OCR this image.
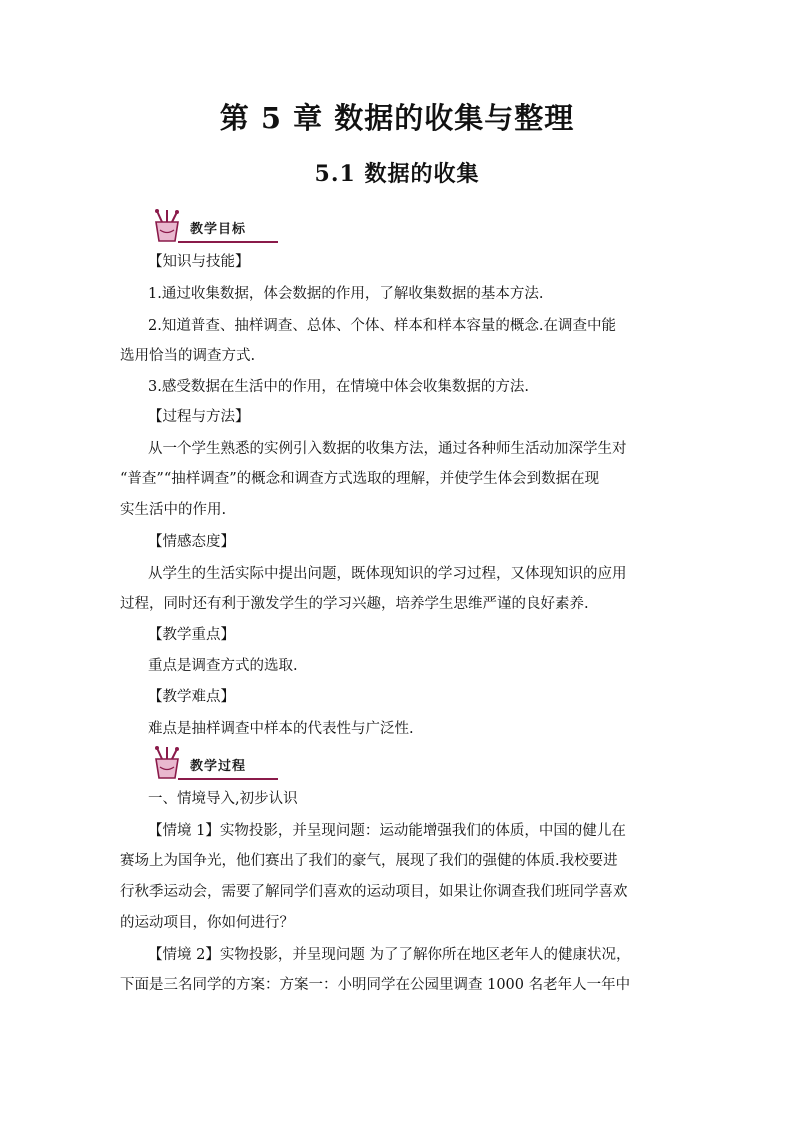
第 5 章 数据的收集与整理
5.1 数据的收集
教学目标

【知识与技能】

1.通过收集数据，体会数据的作用，了解收集数据的基本方法.

2.知道普查、抽样调查、总体、个体、样本和样本容量的概念.在调查中能

选用恰当的调查方式.

3.感受数据在生活中的作用，在情境中体会收集数据的方法.

【过程与方法】

从一个学生熟悉的实例引入数据的收集方法，通过各种师生活动加深学生对

“普查”“抽样调查”的概念和调查方式选取的理解，并使学生体会到数据在现

实生活中的作用.

【情感态度】

从学生的生活实际中提出问题，既体现知识的学习过程，又体现知识的应用

过程，同时还有利于激发学生的学习兴趣，培养学生思维严谨的良好素养.

【教学重点】

重点是调查方式的选取.

【教学难点】

难点是抽样调查中样本的代表性与广泛性.

教学过程

一、情境导入,初步认识

【情境 1】实物投影，并呈现问题：运动能增强我们的体质，中国的健儿在

赛场上为国争光，他们赛出了我们的豪气，展现了我们的强健的体质.我校要进

行秋季运动会，需要了解同学们喜欢的运动项目，如果让你调查我们班同学喜欢

的运动项目，你如何进行？

【情境 2】实物投影，并呈现问题 为了了解你所在地区老年人的健康状况，

下面是三名同学的方案：方案一：小明同学在公园里调查 1000 名老年人一年中
